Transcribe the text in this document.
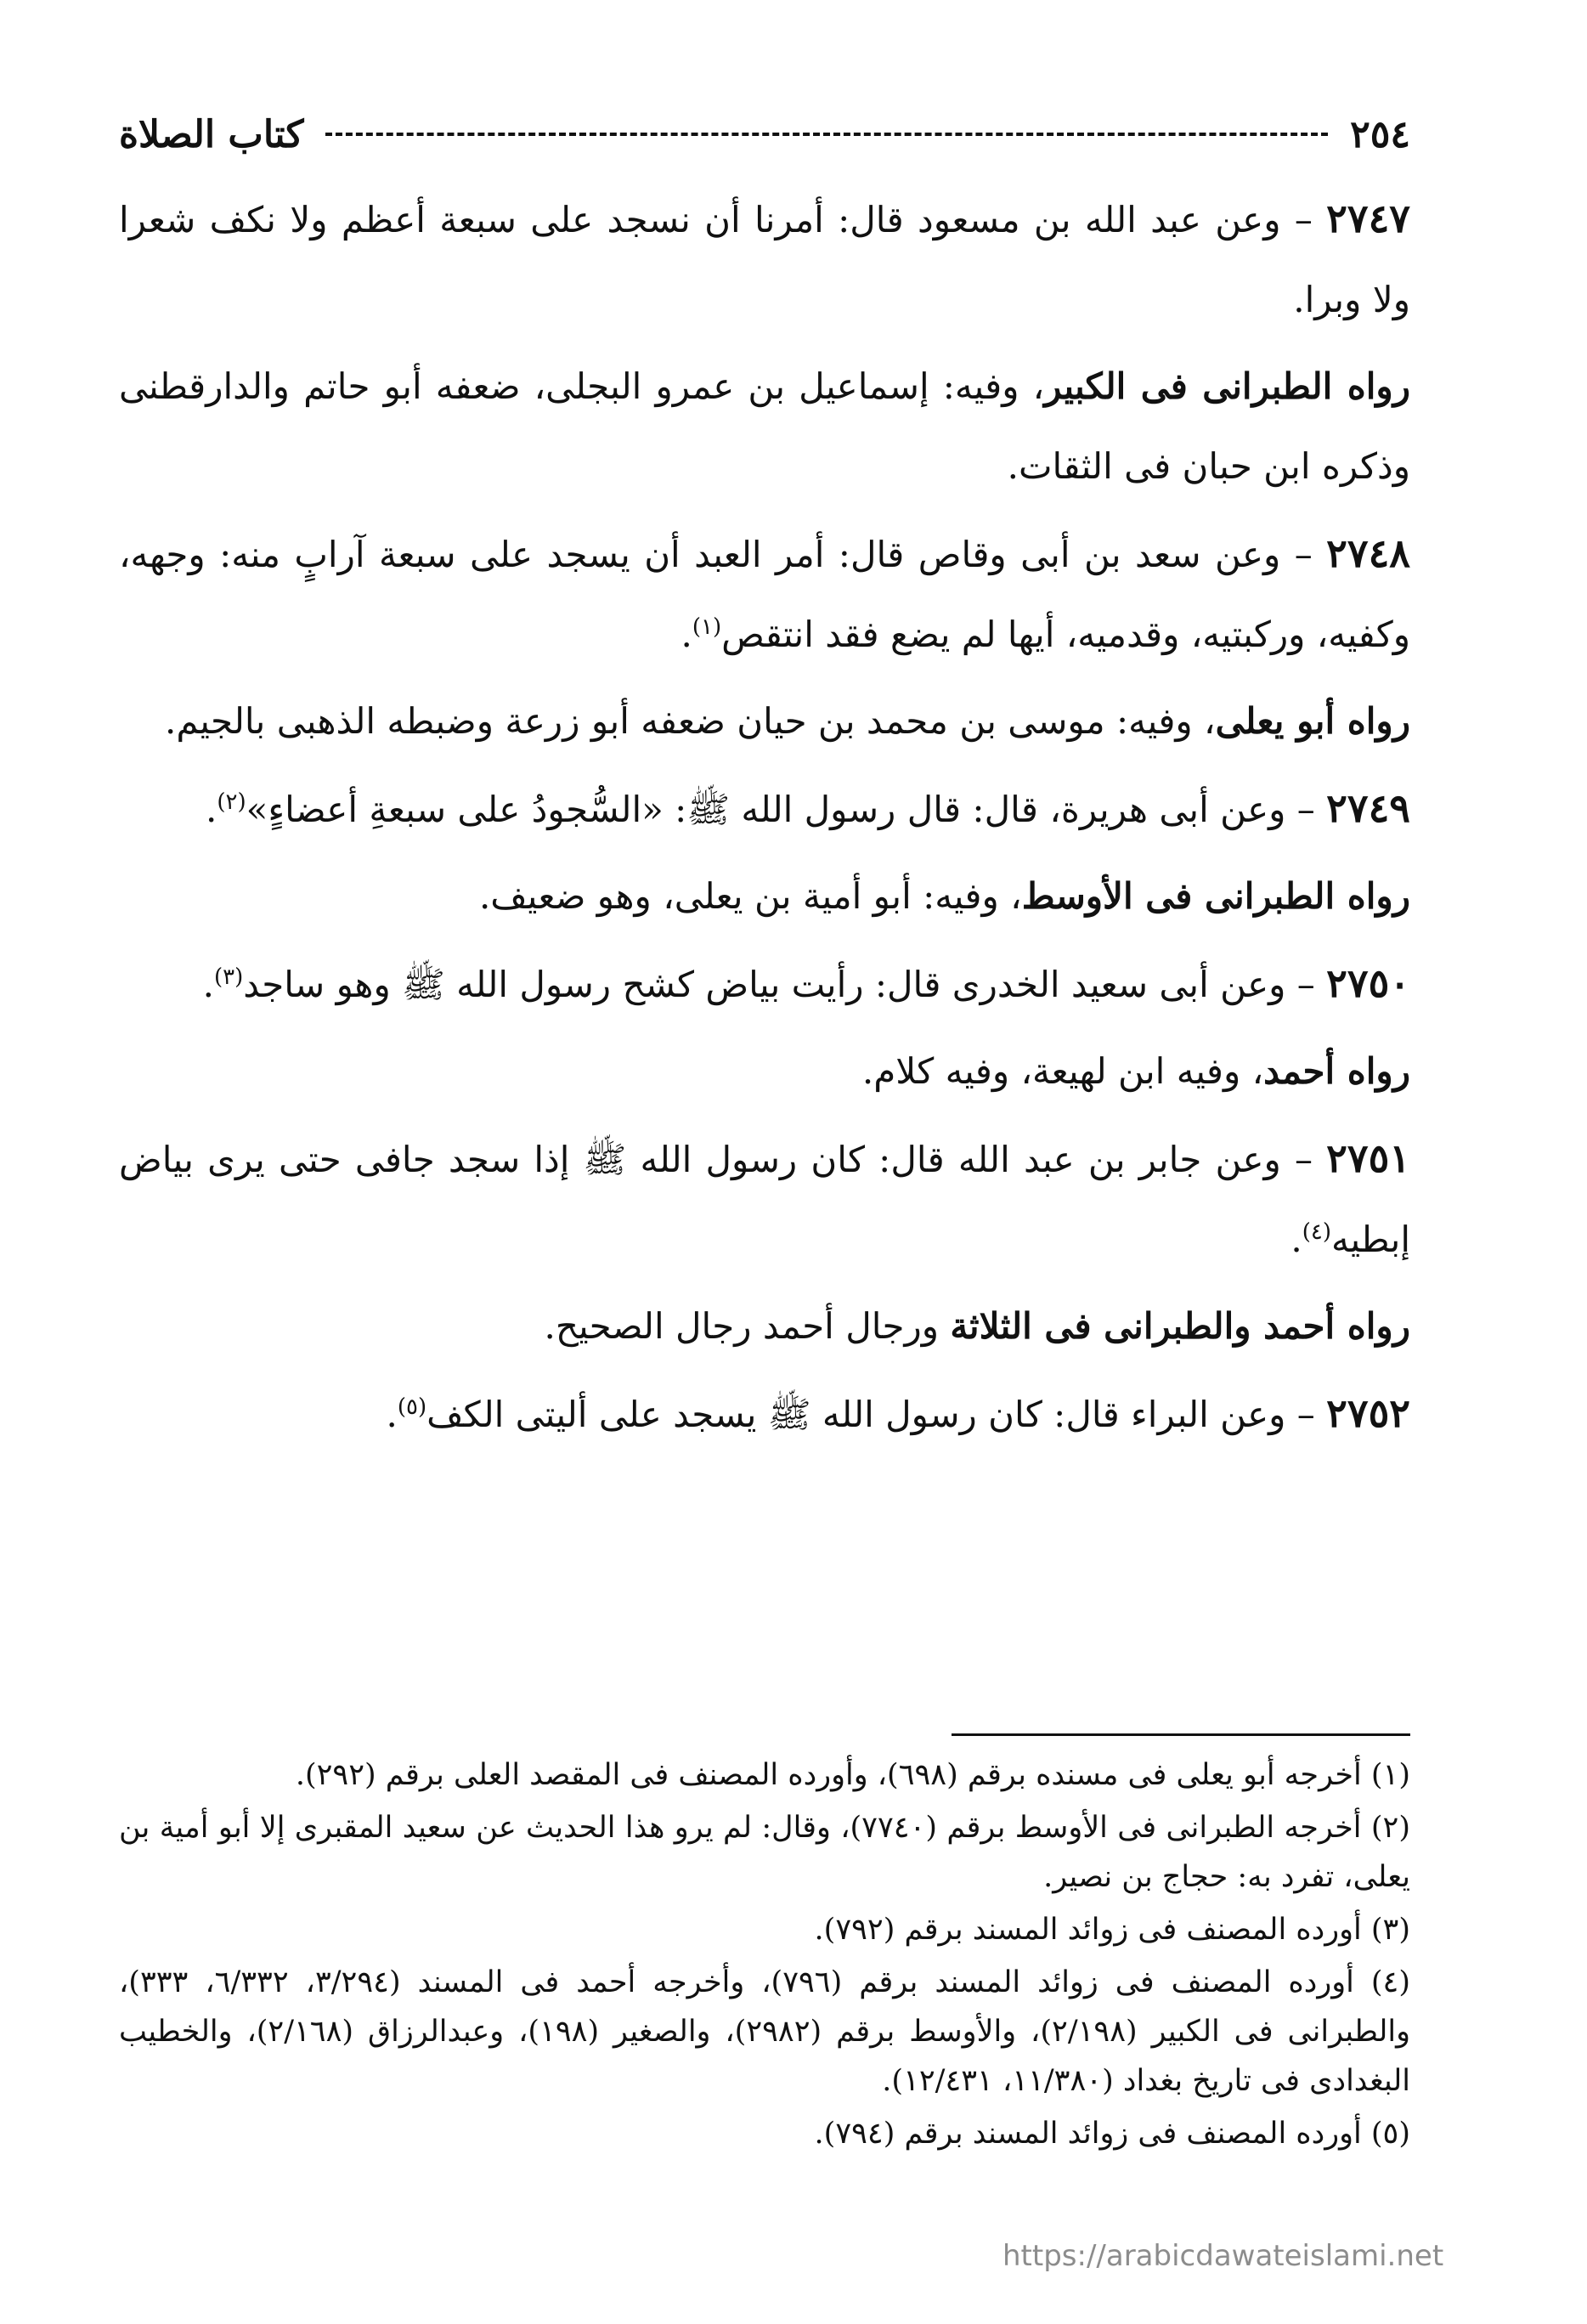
٢٥٤
كتاب الصلاة

٢٧٤٧ – وعن عبد الله بن مسعود قال: أمرنا أن نسجد على سبعة أعظم ولا نكف شعرا ولا وبرا.

رواه الطبرانى فى الكبير، وفيه: إسماعيل بن عمرو البجلى، ضعفه أبو حاتم والدارقطنى وذكره ابن حبان فى الثقات.

٢٧٤٨ – وعن سعد بن أبى وقاص قال: أمر العبد أن يسجد على سبعة آرابٍ منه: وجهه، وكفيه، وركبتيه، وقدميه، أيها لم يضع فقد انتقص$^{(١)}$.

رواه أبو يعلى، وفيه: موسى بن محمد بن حيان ضعفه أبو زرعة وضبطه الذهبى بالجيم.

٢٧٤٩ – وعن أبى هريرة، قال: قال رسول الله ﷺ: «السُّجودُ على سبعةِ أعضاءٍ»$^{(٢)}$.

رواه الطبرانى فى الأوسط، وفيه: أبو أمية بن يعلى، وهو ضعيف.

٢٧٥٠ – وعن أبى سعيد الخدرى قال: رأيت بياض كشح رسول الله ﷺ وهو ساجد$^{(٣)}$.

رواه أحمد، وفيه ابن لهيعة، وفيه كلام.

٢٧٥١ – وعن جابر بن عبد الله قال: كان رسول الله ﷺ إذا سجد جافى حتى يرى بياض إبطيه$^{(٤)}$.

رواه أحمد والطبرانى فى الثلاثة ورجال أحمد رجال الصحيح.

٢٧٥٢ – وعن البراء قال: كان رسول الله ﷺ يسجد على أليتى الكف$^{(٥)}$.

(١) أخرجه أبو يعلى فى مسنده برقم (٦٩٨)، وأورده المصنف فى المقصد العلى برقم (٢٩٢).

(٢) أخرجه الطبرانى فى الأوسط برقم (٧٧٤٠)، وقال: لم يرو هذا الحديث عن سعيد المقبرى إلا أبو أمية بن يعلى، تفرد به: حجاج بن نصير.

(٣) أورده المصنف فى زوائد المسند برقم (٧٩٢).

(٤) أورده المصنف فى زوائد المسند برقم (٧٩٦)، وأخرجه أحمد فى المسند (٣/٢٩٤، ٦/٣٣٢، ٣٣٣)، والطبرانى فى الكبير (٢/١٩٨)، والأوسط برقم (٢٩٨٢)، والصغير (١٩٨)، وعبدالرزاق (٢/١٦٨)، والخطيب البغدادى فى تاريخ بغداد (١١/٣٨٠، ١٢/٤٣١).

(٥) أورده المصنف فى زوائد المسند برقم (٧٩٤).

https://arabicdawateislami.net
